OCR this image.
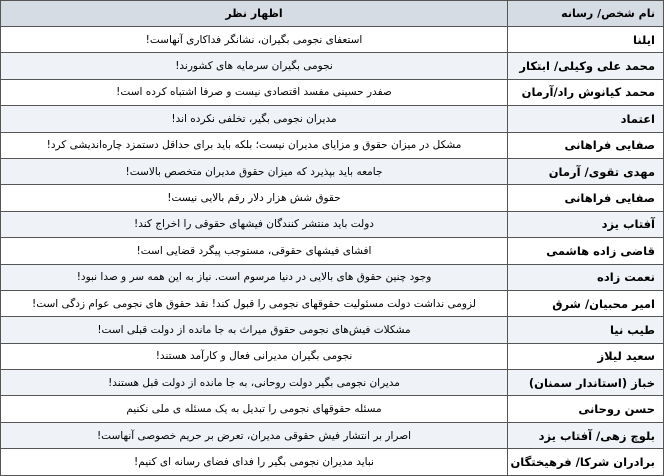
نام شخص/ رسانه	اظهار نظر
ایلنا	استعفای نجومی بگیران، نشانگر فداکاری آنهاست!
محمد علی وکیلی/ ابتکار	نجومی بگیران سرمایه های کشورند!
محمد کیانوش راد/آرمان	صفدر حسینی مفسد اقتصادی نیست و صرفا اشتباه کرده است!
اعتماد	مدیران نجومی بگیر، تخلفی نکرده اند!
صفایی فراهانی	مشکل در میزان حقوق و مزایای مدیران نیست؛ بلکه باید برای حداقل دستمزد چاره‌اندیشی کرد!
مهدی تقوی/ آرمان	جامعه باید بپذیرد که میزان حقوق مدیران متخصص بالاست!
صفایی فراهانی	حقوق شش هزار دلار رقم بالایی نیست!
آفتاب یزد	دولت باید منتشر کنندگان فیشهای حقوقی را اخراج کند!
قاضی زاده هاشمی	افشای فیشهای حقوقی، مستوجب پیگرد قضایی است!
نعمت زاده	وجود چنین حقوق های بالایی در دنیا مرسوم است. نیاز به این همه سر و صدا نبود!
امیر محبیان/ شرق	لزومی نداشت دولت مسئولیت حقوقهای نجومی را قبول کند! نقد حقوق های نجومی عوام زدگی است!
طیب نیا	مشکلات فیش‌های نجومی حقوق میراث به جا مانده از دولت قبلی است!
سعید لیلاز	نجومی بگیران مدیرانی فعال و کارآمد هستند!
خباز (استاندار سمنان)	مدیران نجومی بگیر دولت روحانی، به جا مانده از دولت قبل هستند!
حسن روحانی	مسئله حقوقهای نجومی را تبدیل به یک مسئله ی ملی نکنیم
بلوچ زهی/ آفتاب یزد	اصرار بر انتشار فیش حقوقی مدیران، تعرض بر حریم خصوصی آنهاست!
برادران شرکا/ فرهیختگان	نباید مدیران نجومی بگیر را فدای فضای رسانه ای کنیم!
